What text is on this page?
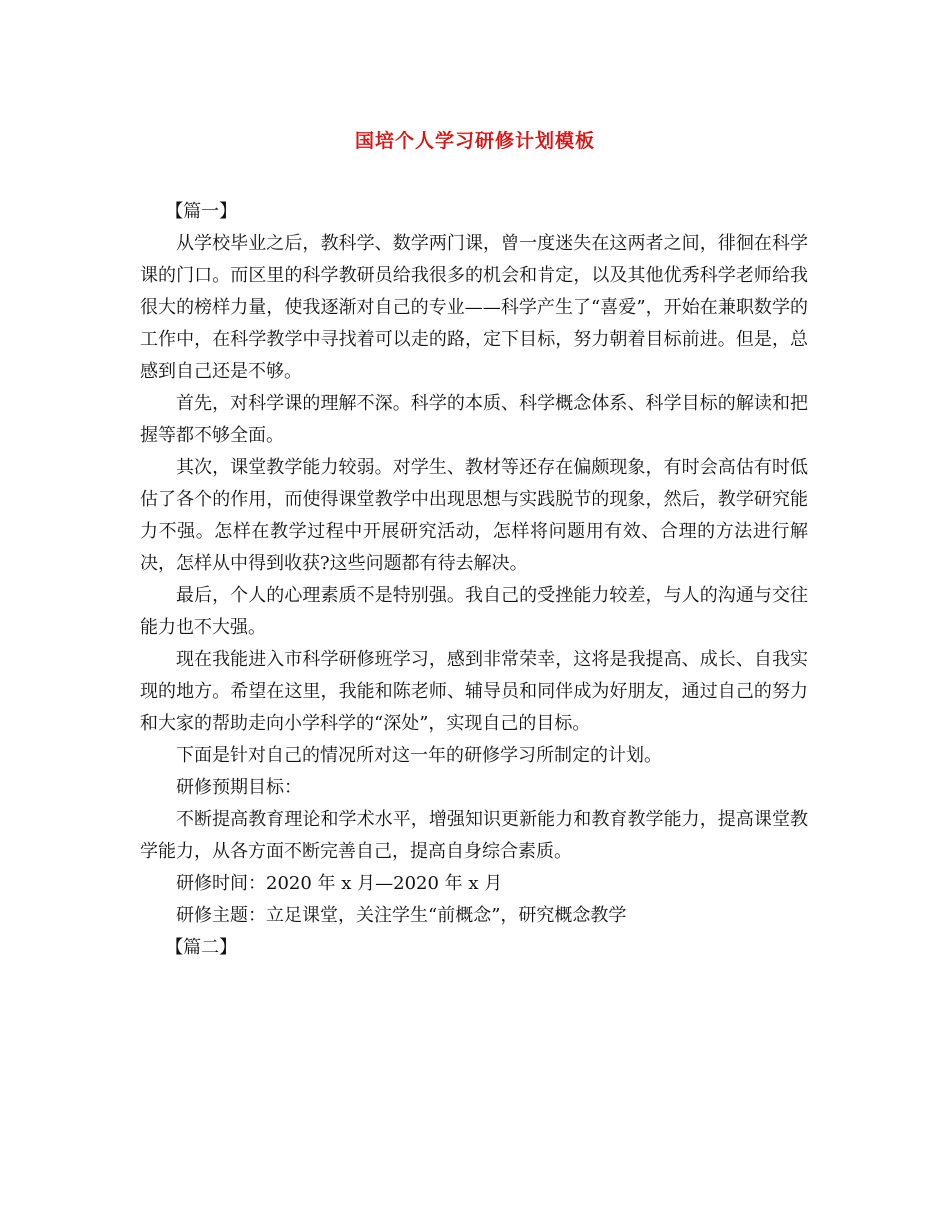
国培个人学习研修计划模板

【篇一】

从学校毕业之后，教科学、数学两门课，曾一度迷失在这两者之间，徘徊在科学课的门口。而区里的科学教研员给我很多的机会和肯定，以及其他优秀科学老师给我很大的榜样力量，使我逐渐对自己的专业——科学产生了“喜爱”，开始在兼职数学的工作中，在科学教学中寻找着可以走的路，定下目标，努力朝着目标前进。但是，总感到自己还是不够。

首先，对科学课的理解不深。科学的本质、科学概念体系、科学目标的解读和把握等都不够全面。

其次，课堂教学能力较弱。对学生、教材等还存在偏颇现象，有时会高估有时低估了各个的作用，而使得课堂教学中出现思想与实践脱节的现象，然后，教学研究能力不强。怎样在教学过程中开展研究活动，怎样将问题用有效、合理的方法进行解决，怎样从中得到收获?这些问题都有待去解决。

最后，个人的心理素质不是特别强。我自己的受挫能力较差，与人的沟通与交往能力也不大强。

现在我能进入市科学研修班学习，感到非常荣幸，这将是我提高、成长、自我实现的地方。希望在这里，我能和陈老师、辅导员和同伴成为好朋友，通过自己的努力和大家的帮助走向小学科学的“深处”，实现自己的目标。

下面是针对自己的情况所对这一年的研修学习所制定的计划。

研修预期目标：

不断提高教育理论和学术水平，增强知识更新能力和教育教学能力，提高课堂教学能力，从各方面不断完善自己，提高自身综合素质。

研修时间：2020 年 x 月—2020 年 x 月

研修主题：立足课堂，关注学生“前概念”，研究概念教学

【篇二】
